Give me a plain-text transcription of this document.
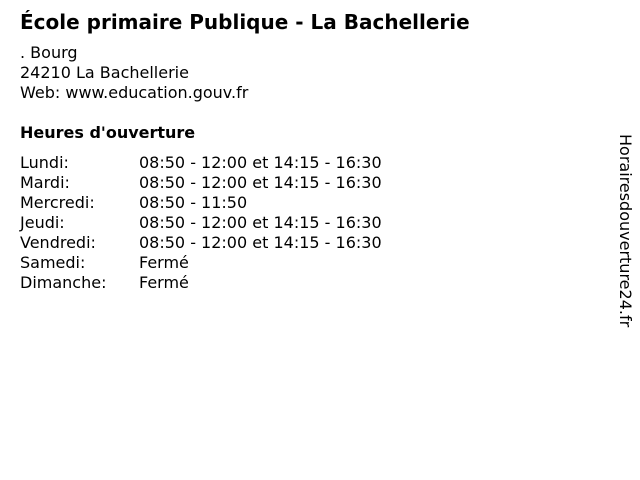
École primaire Publique - La Bachellerie
. Bourg
24210 La Bachellerie
Web: www.education.gouv.fr
Heures d'ouverture
Lundi:	08:50 - 12:00 et 14:15 - 16:30
Mardi:	08:50 - 12:00 et 14:15 - 16:30
Mercredi:	08:50 - 11:50
Jeudi:	08:50 - 12:00 et 14:15 - 16:30
Vendredi:	08:50 - 12:00 et 14:15 - 16:30
Samedi:	Fermé
Dimanche: Fermé	Horairesdouverture24.fr
